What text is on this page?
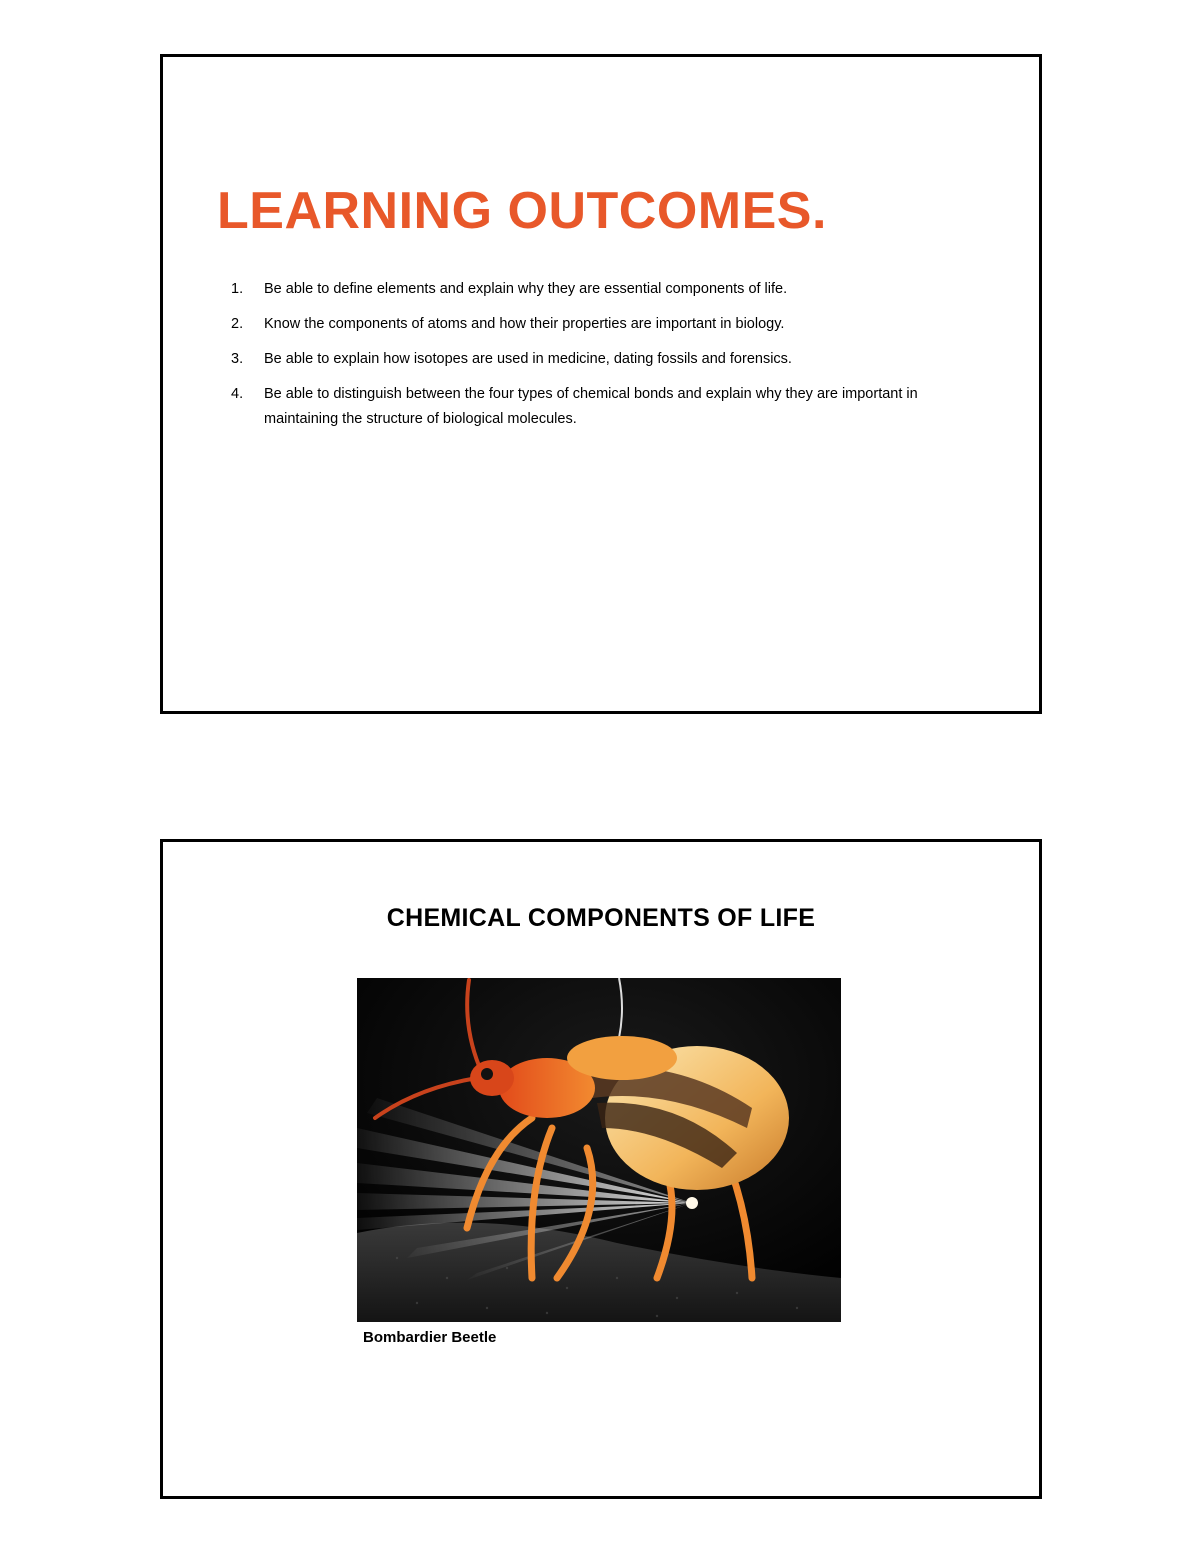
LEARNING OUTCOMES.
1. Be able to define elements and explain why they are essential components of life.
2. Know the components of atoms and how their properties are important in biology.
3. Be able to explain how isotopes are used in medicine, dating fossils and forensics.
4. Be able to distinguish between the four types of chemical bonds and explain why they are important in maintaining the structure of biological molecules.
CHEMICAL COMPONENTS OF LIFE
Bombardier Beetle
